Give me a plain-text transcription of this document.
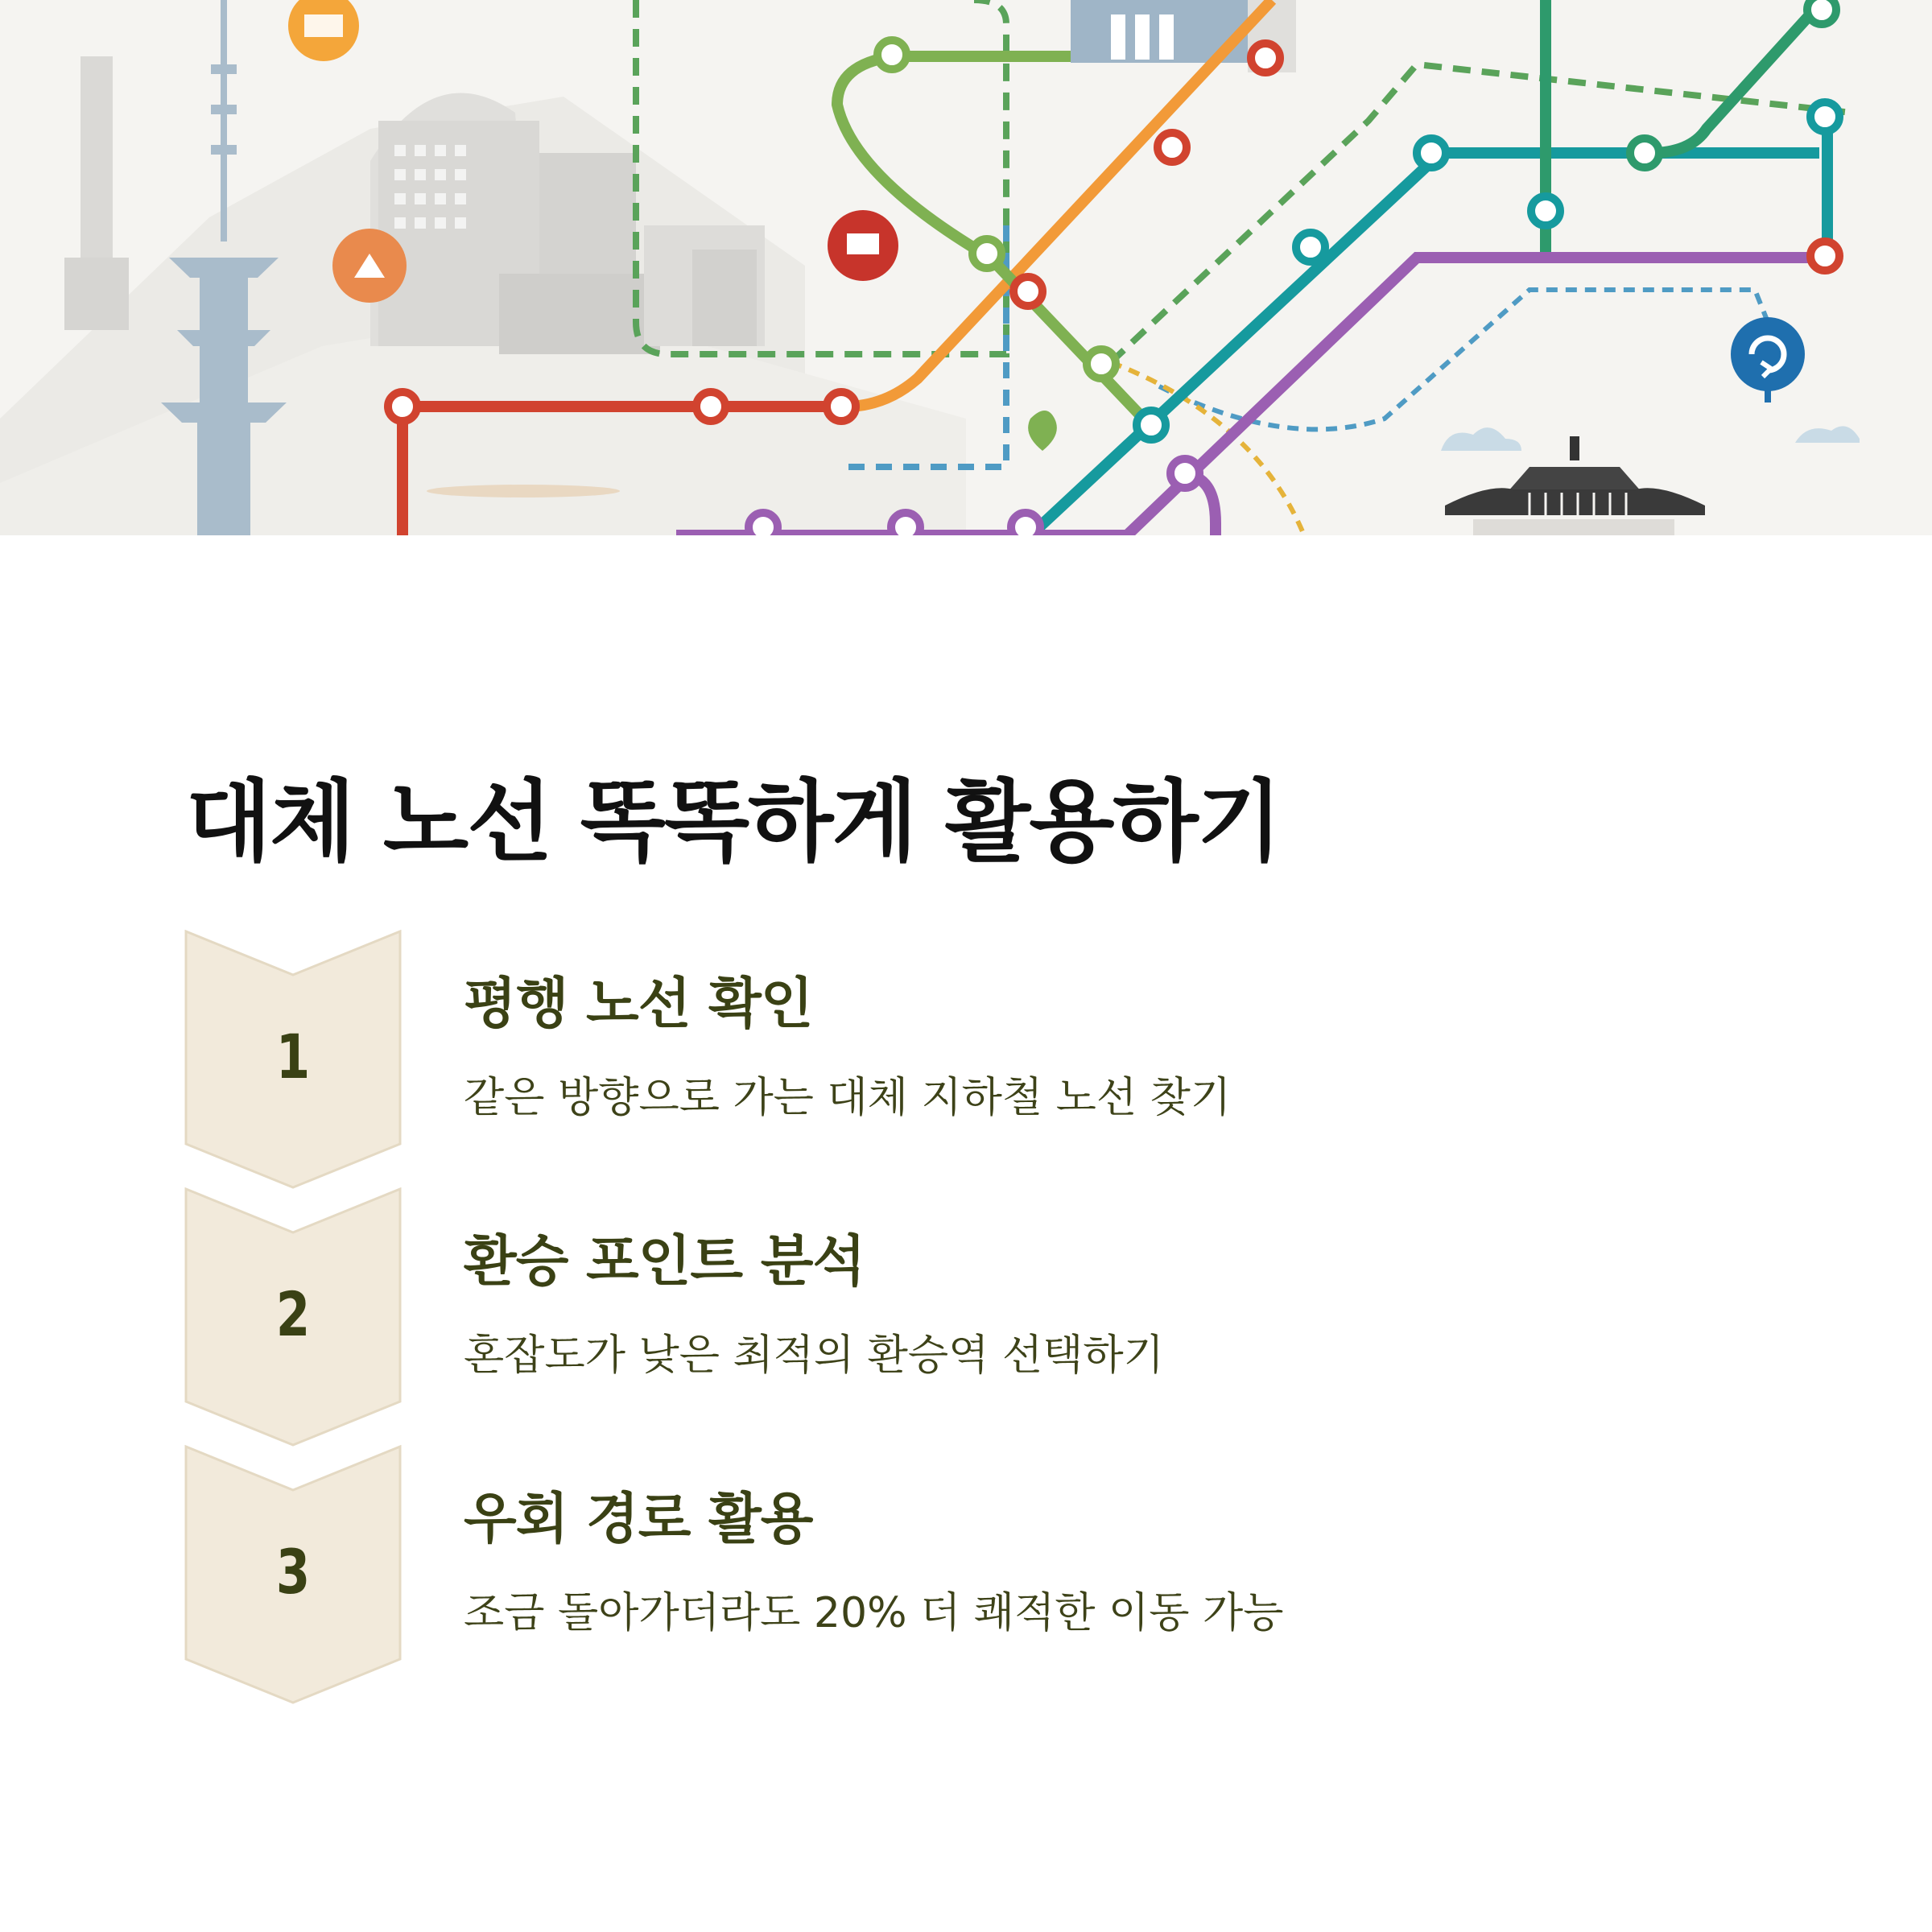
대체 노선 똑똑하게 활용하기
1
평행 노선 확인

같은 방향으로 가는 대체 지하철 노선 찾기

2
환승 포인트 분석

혼잡도가 낮은 최적의 환승역 선택하기

3
우회 경로 활용

조금 돌아가더라도 20% 더 쾌적한 이동 가능
